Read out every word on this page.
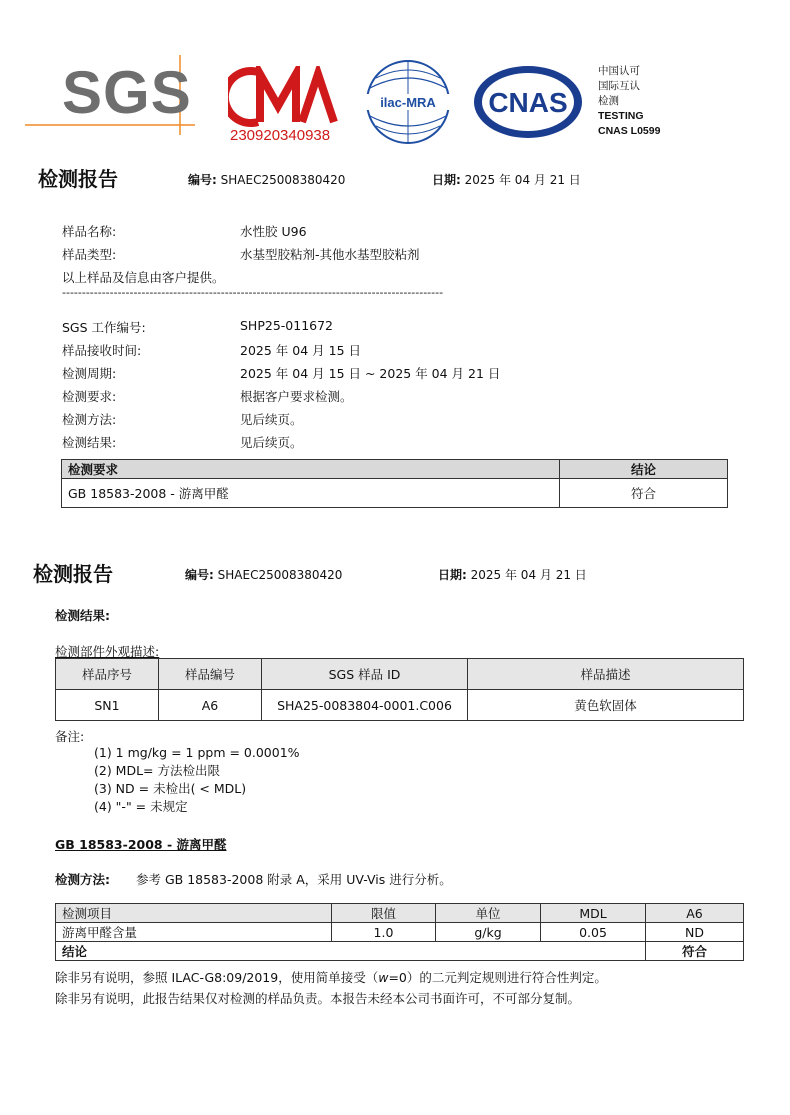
SGS	CMA
230920340938
ilac-MRA CNAS
中国认可
国际互认
检测
TESTING
CNAS L0599
检测报告	编号: SHAEC25008380420	日期: 2025 年 04 月 21 日
样品名称:	水性胶 U96
样品类型:	水基型胶粘剂-其他水基型胶粘剂
以上样品及信息由客户提供。
------------------------------------------------------------------------------------------------
SGS 工作编号:	SHP25-011672
样品接收时间:	2025 年 04 月 15 日
检测周期:	2025 年 04 月 15 日 ~ 2025 年 04 月 21 日
检测要求:	根据客户要求检测。
检测方法:	见后续页。
检测结果:	见后续页。
检测要求	结论
GB 18583-2008 - 游离甲醛	符合
检测报告	编号: SHAEC25008380420	日期: 2025 年 04 月 21 日
检测结果:
检测部件外观描述:
样品序号	样品编号	SGS 样品 ID	样品描述
SN1	A6	SHA25-0083804-0001.C006	黄色软固体
备注:
(1) 1 mg/kg = 1 ppm = 0.0001%
(2) MDL= 方法检出限
(3) ND = 未检出( < MDL)
(4) "-" = 未规定
GB 18583-2008 - 游离甲醛
检测方法: 参考 GB 18583-2008 附录 A，采用 UV-Vis 进行分析。
检测项目	限值	单位	MDL	A6
游离甲醛含量	1.0	g/kg	0.05	ND
结论				符合
除非另有说明，参照 ILAC-G8:09/2019，使用简单接受（w=0）的二元判定规则进行符合性判定。
除非另有说明，此报告结果仅对检测的样品负责。本报告未经本公司书面许可，不可部分复制。
